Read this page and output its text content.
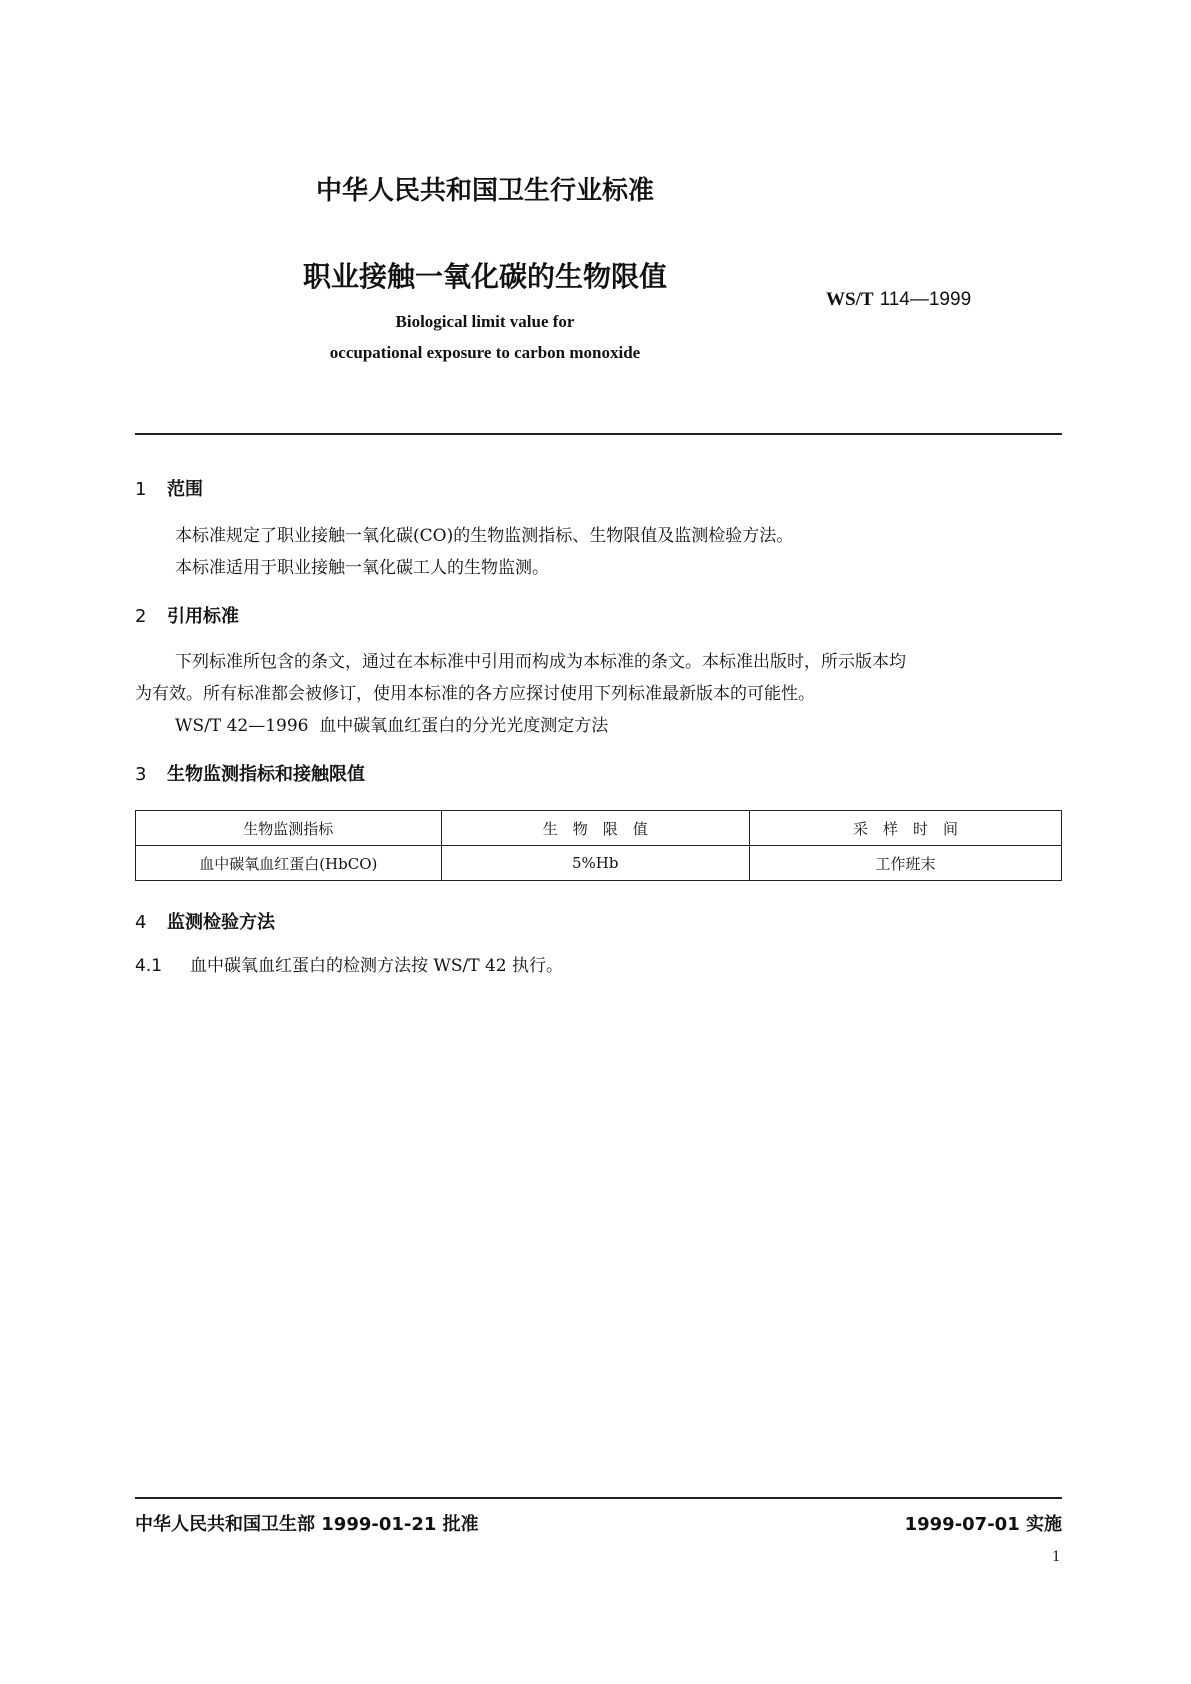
中华人民共和国卫生行业标准
职业接触一氧化碳的生物限值
WS/T 114—1999
Biological limit value for
occupational exposure to carbon monoxide
1 范围
本标准规定了职业接触一氧化碳(CO)的生物监测指标、生物限值及监测检验方法。
本标准适用于职业接触一氧化碳工人的生物监测。
2 引用标准
下列标准所包含的条文，通过在本标准中引用而构成为本标准的条文。本标准出版时，所示版本均
为有效。所有标准都会被修订，使用本标准的各方应探讨使用下列标准最新版本的可能性。
WS/T 42—1996 血中碳氧血红蛋白的分光光度测定方法
3 生物监测指标和接触限值
生物监测指标	生　物　限　值	采　样　时　间
血中碳氧血红蛋白(HbCO)	5%Hb	工作班末
4 监测检验方法
4.1 血中碳氧血红蛋白的检测方法按 WS/T 42 执行。
中华人民共和国卫生部 1999-01-21 批准	1999-07-01 实施
1
